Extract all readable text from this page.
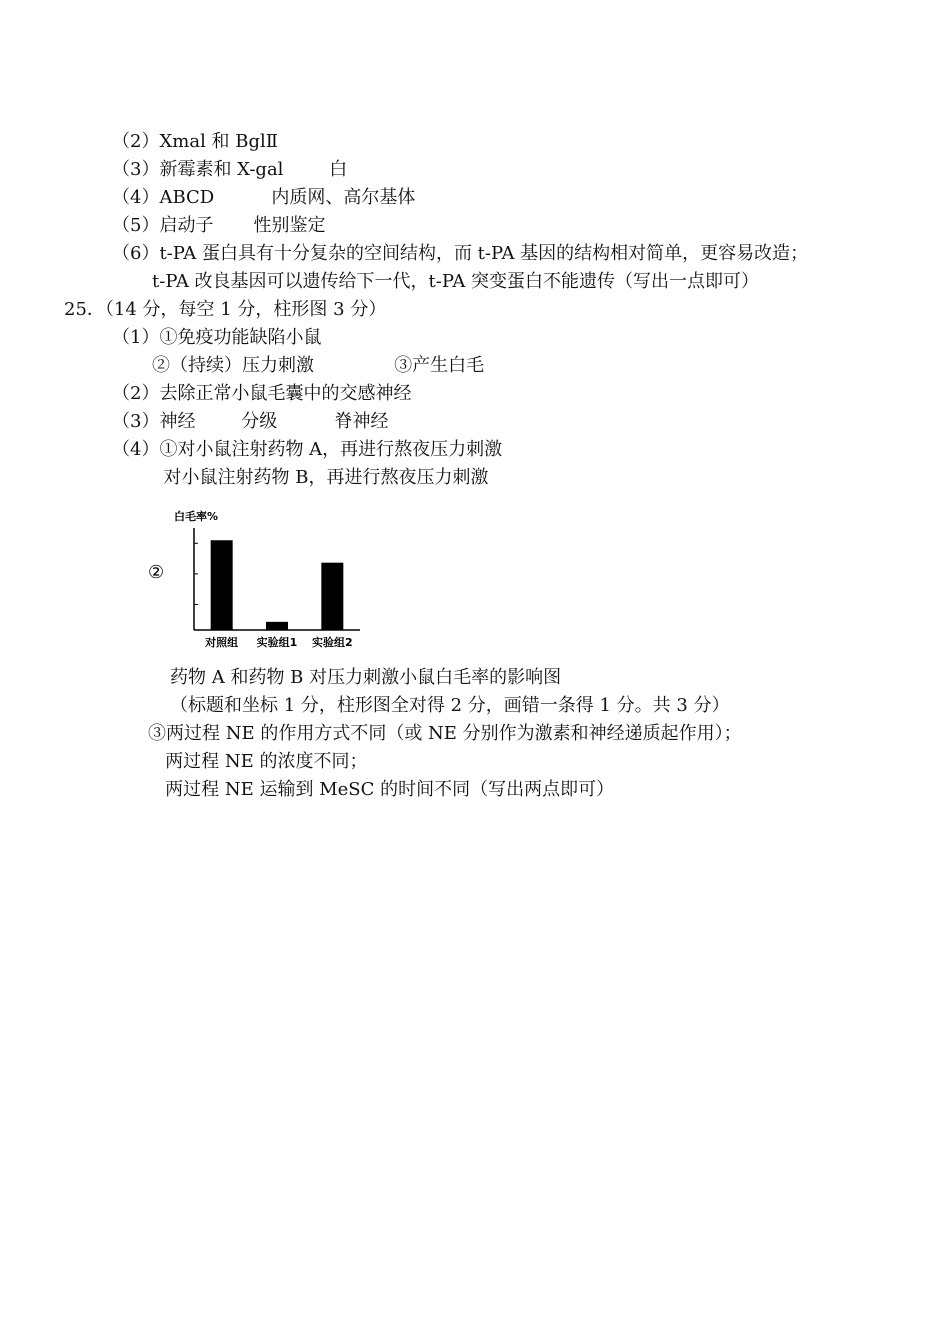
（2）Xmal 和 BglⅡ
（3）新霉素和 X-gal        白
（4）ABCD          内质网、高尔基体
（5）启动子       性别鉴定
（6）t-PA 蛋白具有十分复杂的空间结构，而 t-PA 基因的结构相对简单，更容易改造；
t-PA 改良基因可以遗传给下一代，t-PA 突变蛋白不能遗传（写出一点即可）
25．（14 分，每空 1 分，柱形图 3 分）
（1）①免疫功能缺陷小鼠
②（持续）压力刺激              ③产生白毛
（2）去除正常小鼠毛囊中的交感神经
（3）神经        分级          脊神经
（4）①对小鼠注射药物 A，再进行熬夜压力刺激
对小鼠注射药物 B，再进行熬夜压力刺激
②
白毛率%
对照组 实验组1 实验组2
药物 A 和药物 B 对压力刺激小鼠白毛率的影响图
（标题和坐标 1 分，柱形图全对得 2 分，画错一条得 1 分。共 3 分）
③两过程 NE 的作用方式不同（或 NE 分别作为激素和神经递质起作用）；
两过程 NE 的浓度不同；
两过程 NE 运输到 MeSC 的时间不同（写出两点即可）
